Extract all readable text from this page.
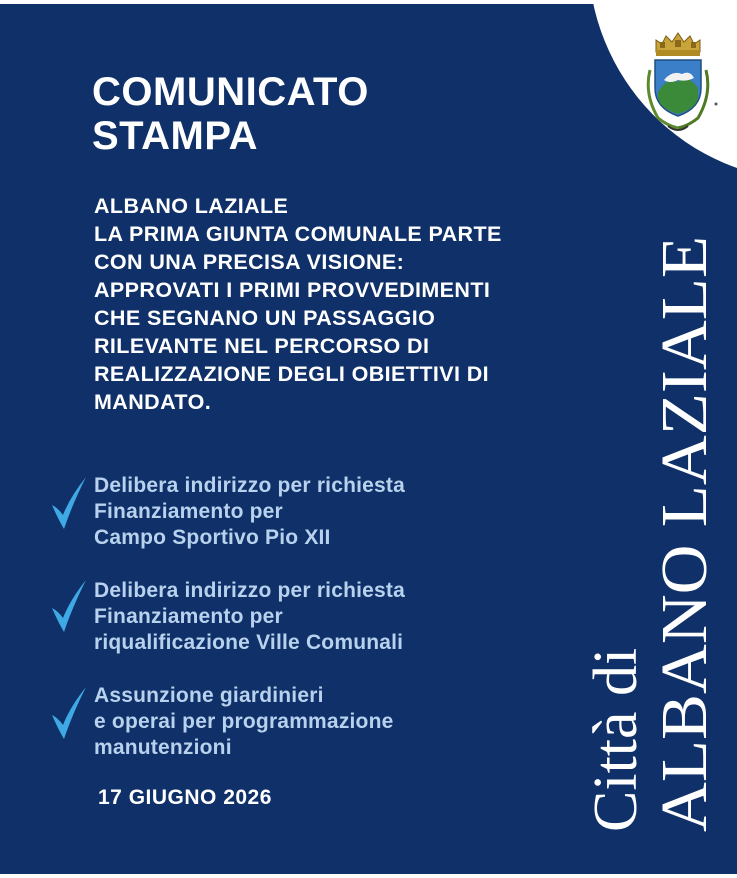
COMUNICATO
STAMPA
ALBANO LAZIALE
LA PRIMA GIUNTA COMUNALE PARTE
CON UNA PRECISA VISIONE:
APPROVATI I PRIMI PROVVEDIMENTI
CHE SEGNANO UN PASSAGGIO
RILEVANTE NEL PERCORSO DI
REALIZZAZIONE DEGLI OBIETTIVI DI
MANDATO.
Delibera indirizzo per richiesta
Finanziamento per
Campo Sportivo Pio XII
Delibera indirizzo per richiesta
Finanziamento per
riqualificazione Ville Comunali
Assunzione giardinieri
e operai per programmazione
manutenzioni
17 GIUGNO 2026	Città di
ALBANO LAZIALE
